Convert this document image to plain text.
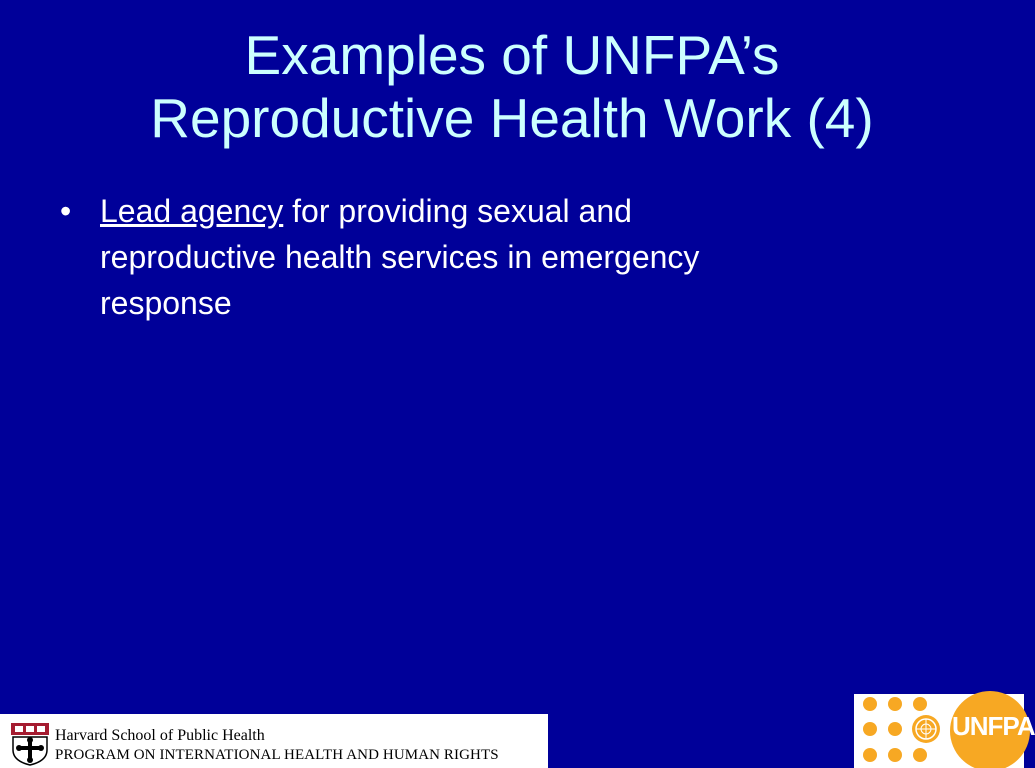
Examples of UNFPA’s
Reproductive Health Work (4)
• Lead agency for providing sexual and
reproductive health services in emergency
response
Harvard School of Public Health
PROGRAM ON INTERNATIONAL HEALTH AND HUMAN RIGHTS
UNFPA
